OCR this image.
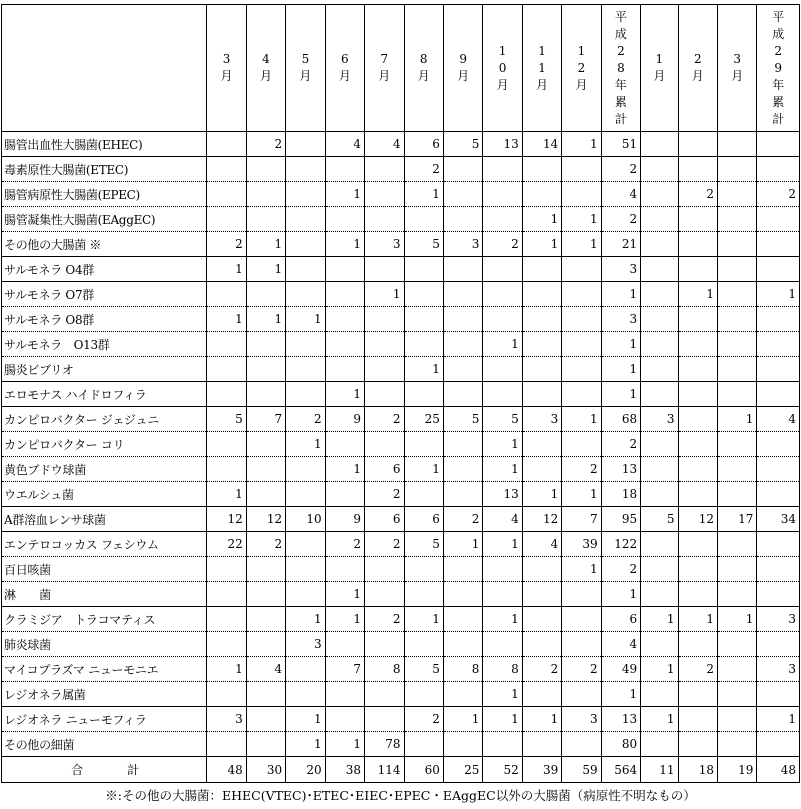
	3月	4月	5月	6月	7月	8月	9月	10月	11月	12月	平成28年累計	1月	2月	3月	平成29年累計
腸管出血性大腸菌(EHEC)		2		4	4	6	5	13	14	1	51				
毒素原性大腸菌(ETEC)						2					2				
腸管病原性大腸菌(EPEC)				1		1					4		2		2
腸管凝集性大腸菌(EAggEC)									1	1	2				
その他の大腸菌 ※	2	1		1	3	5	3	2	1	1	21				
サルモネラ O4群	1	1									3				
サルモネラ O7群					1						1		1		1
サルモネラ O8群	1	1	1								3				
サルモネラ　O13群								1			1				
腸炎ビブリオ						1					1				
エロモナス ハイドロフィラ				1							1				
カンピロバクター ジェジュニ	5	7	2	9	2	25	5	5	3	1	68	3		1	4
カンピロバクター コリ			1					1			2				
黄色ブドウ球菌				1	6	1		1		2	13				
ウエルシュ菌	1				2			13	1	1	18				
A群溶血レンサ球菌	12	12	10	9	6	6	2	4	12	7	95	5	12	17	34
エンテロコッカス フェシウム	22	2		2	2	5	1	1	4	39	122				
百日咳菌										1	2				
淋　　菌				1							1				
クラミジア　トラコマティス			1	1	2	1		1			6	1	1	1	3
肺炎球菌			3								4				
マイコプラズマ ニューモニエ	1	4		7	8	5	8	8	2	2	49	1	2		3
レジオネラ属菌								1			1				
レジオネラ ニューモフィラ	3		1			2	1	1	1	3	13	1			1
その他の細菌			1	1	78						80				
合 計	48	30	20	38	114	60	25	52	39	59	564	11	18	19	48
※:その他の大腸菌：EHEC(VTEC)･ETEC･EIEC･EPEC・EAggEC以外の大腸菌（病原性不明なもの）
